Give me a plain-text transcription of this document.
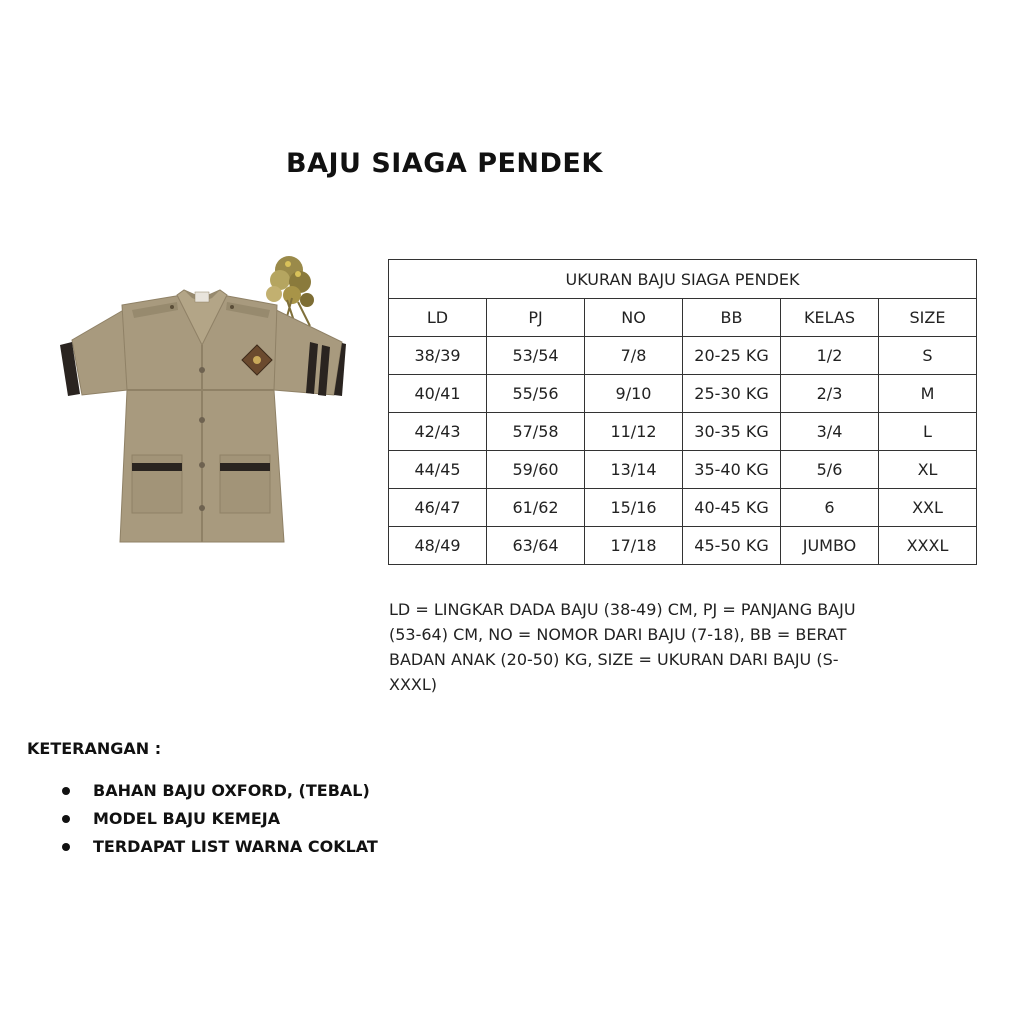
BAJU SIAGA PENDEK
UKURAN BAJU SIAGA PENDEK					
LD	PJ	NO	BB	KELAS	SIZE
38/39	53/54	7/8	20-25 KG	1/2	S
40/41	55/56	9/10	25-30 KG	2/3	M
42/43	57/58	11/12	30-35 KG	3/4	L
44/45	59/60	13/14	35-40 KG	5/6	XL
46/47	61/62	15/16	40-45 KG	6	XXL
48/49	63/64	17/18	45-50 KG	JUMBO	XXXL

LD = LINGKAR DADA BAJU (38-49) CM, PJ = PANJANG BAJU
(53-64) CM, NO = NOMOR DARI BAJU (7-18), BB = BERAT
BADAN ANAK (20-50) KG, SIZE = UKURAN DARI BAJU (S-
XXXL)

KETERANGAN :
BAHAN BAJU OXFORD, (TEBAL)
MODEL BAJU KEMEJA
TERDAPAT LIST WARNA COKLAT
